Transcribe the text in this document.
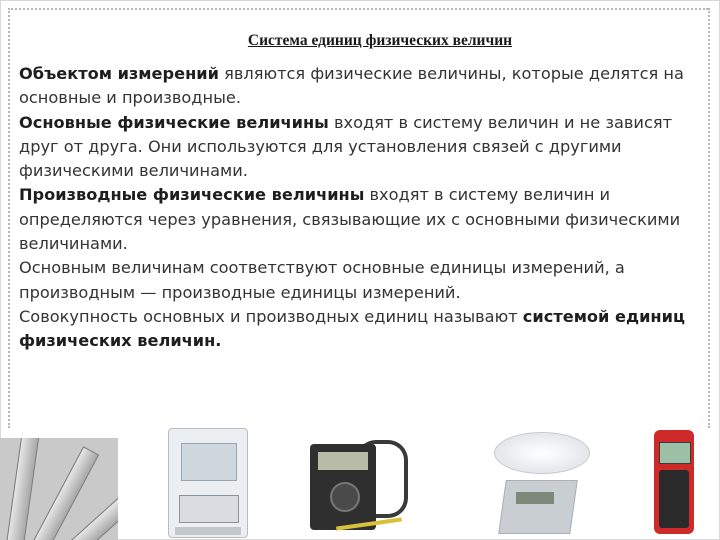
Система единиц физических величин

Объектом измерений являются физические величины, которые делятся на основные и производные.

Основные физические величины входят в систему величин и не зависят друг от друга. Они используются для установления связей с другими физическими величинами.

Производные физические величины входят в систему величин и определяются через уравнения, связывающие их с основными физическими величинами.

Основным величинам соответствуют основные единицы измерений, а производным — производные единицы измерений.

Совокупность основных и производных единиц называют системой единиц физических величин.
